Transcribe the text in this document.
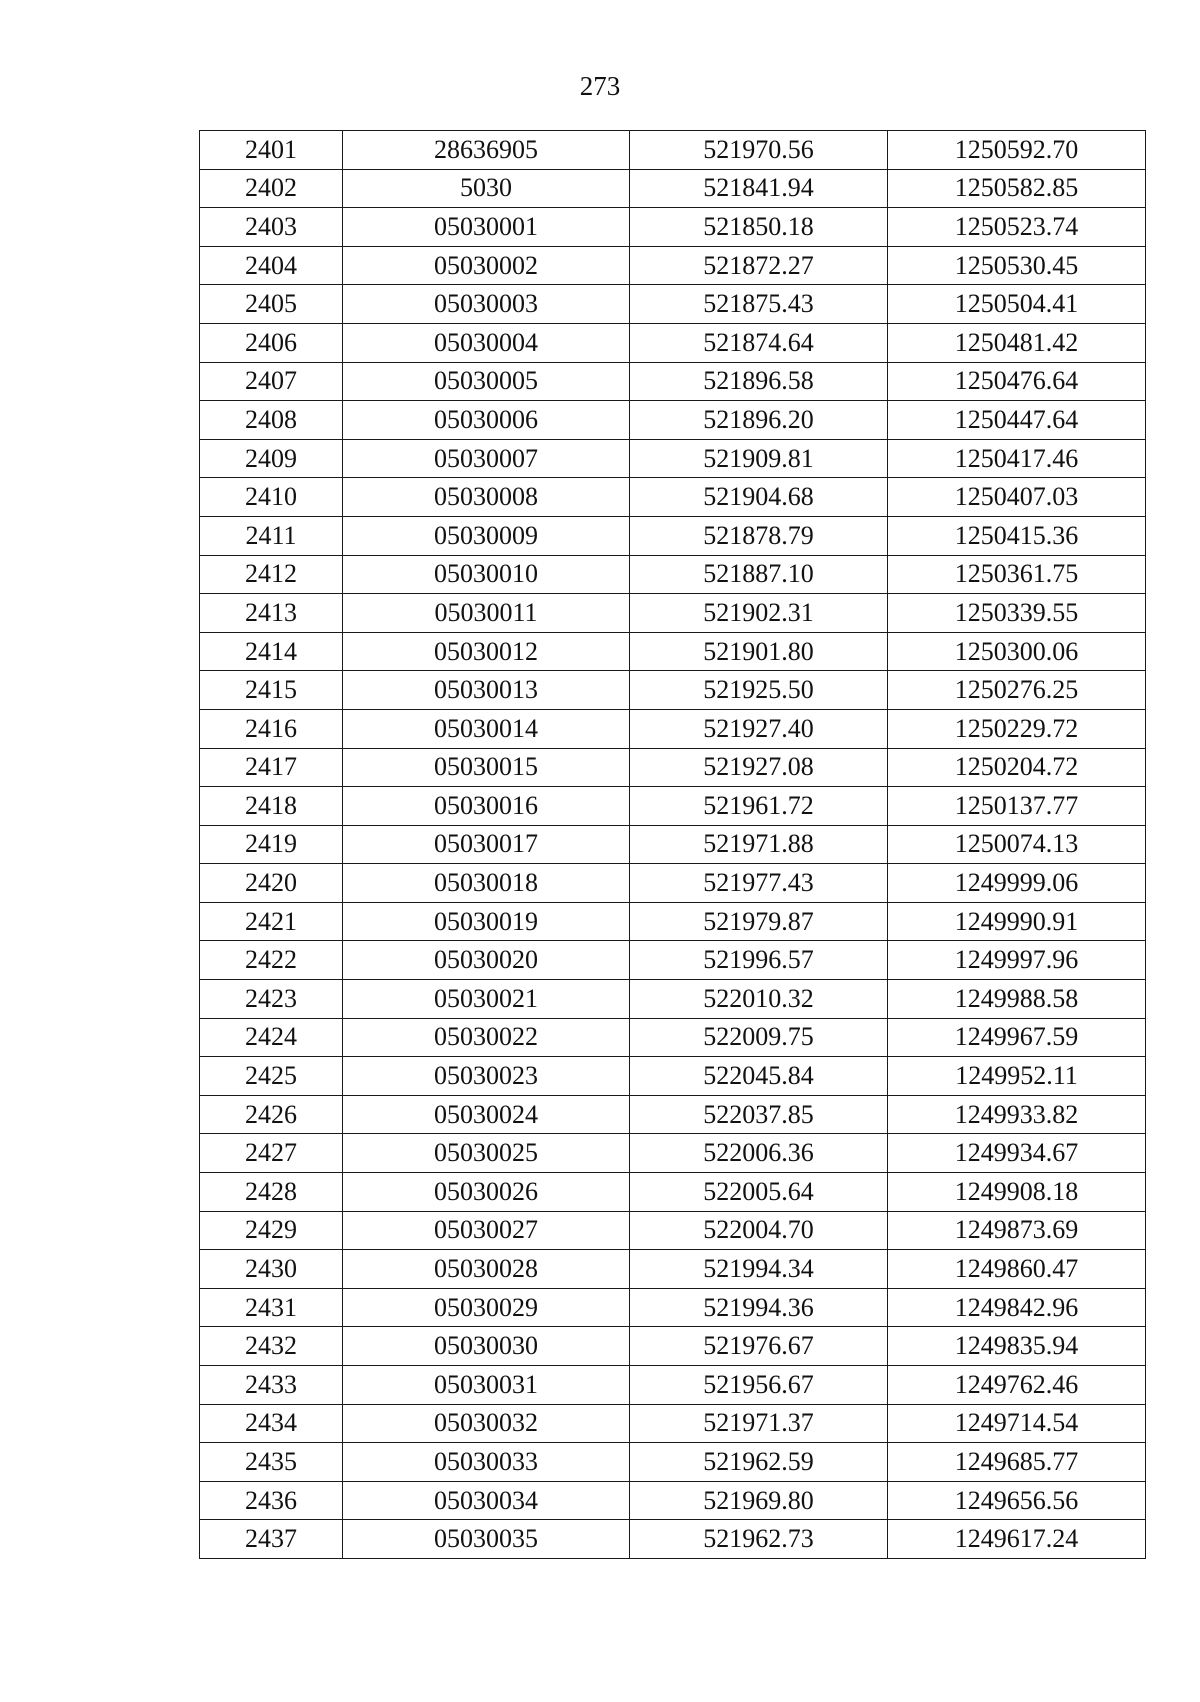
273
2401	28636905	521970.56	1250592.70
2402	5030	521841.94	1250582.85
2403	05030001	521850.18	1250523.74
2404	05030002	521872.27	1250530.45
2405	05030003	521875.43	1250504.41
2406	05030004	521874.64	1250481.42
2407	05030005	521896.58	1250476.64
2408	05030006	521896.20	1250447.64
2409	05030007	521909.81	1250417.46
2410	05030008	521904.68	1250407.03
2411	05030009	521878.79	1250415.36
2412	05030010	521887.10	1250361.75
2413	05030011	521902.31	1250339.55
2414	05030012	521901.80	1250300.06
2415	05030013	521925.50	1250276.25
2416	05030014	521927.40	1250229.72
2417	05030015	521927.08	1250204.72
2418	05030016	521961.72	1250137.77
2419	05030017	521971.88	1250074.13
2420	05030018	521977.43	1249999.06
2421	05030019	521979.87	1249990.91
2422	05030020	521996.57	1249997.96
2423	05030021	522010.32	1249988.58
2424	05030022	522009.75	1249967.59
2425	05030023	522045.84	1249952.11
2426	05030024	522037.85	1249933.82
2427	05030025	522006.36	1249934.67
2428	05030026	522005.64	1249908.18
2429	05030027	522004.70	1249873.69
2430	05030028	521994.34	1249860.47
2431	05030029	521994.36	1249842.96
2432	05030030	521976.67	1249835.94
2433	05030031	521956.67	1249762.46
2434	05030032	521971.37	1249714.54
2435	05030033	521962.59	1249685.77
2436	05030034	521969.80	1249656.56
2437	05030035	521962.73	1249617.24
